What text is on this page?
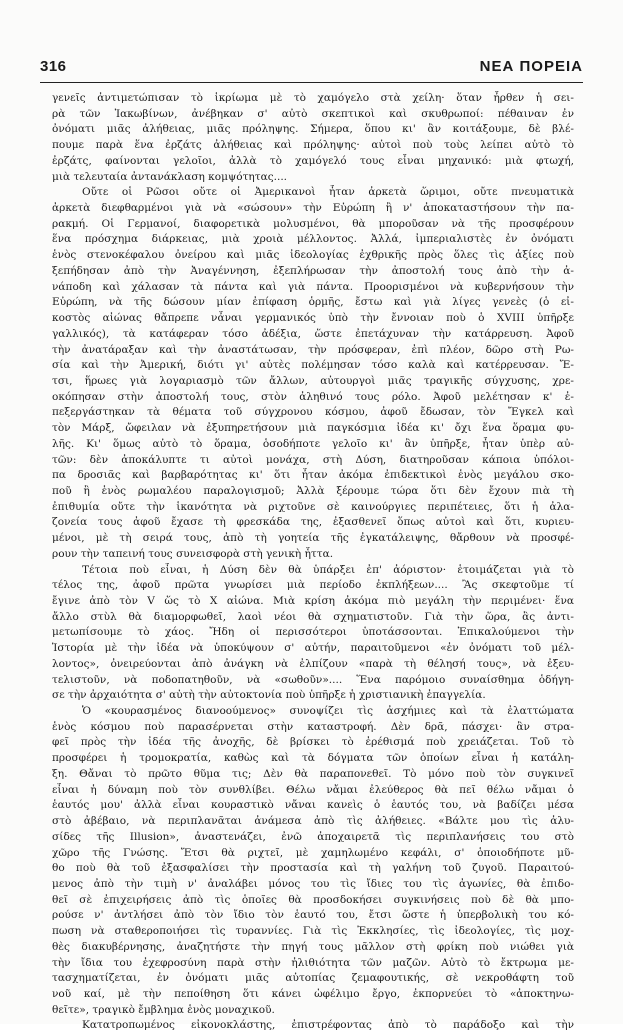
316	ΝΕΑ ΠΟΡΕΙΑ
γενεῖς ἀντιμετώπισαν τὸ ἱκρίωμα μὲ τὸ χαμόγελο στὰ χείλη· ὅταν ἦρθεν ἡ σει-
ρὰ τῶν Ἰακωβίνων, ἀνέβηκαν σ' αὐτὸ σκεπτικοὶ καὶ σκυθρωποί: πέθαιναν ἐν
ὀνόματι μιᾶς ἀλήθειας, μιᾶς πρόληψης. Σήμερα, ὅπου κι' ἂν κοιτάξουμε, δὲ βλέ-
πουμε παρὰ ἕνα ἐρζάτς ἀλήθειας καὶ πρόληψης· αὐτοὶ ποὺ τοὺς λείπει αὐτὸ τὸ
ἐρζάτς, φαίνονται γελοῖοι, ἀλλὰ τὸ χαμόγελό τους εἶναι μηχανικό: μιὰ φτωχή,
μιὰ τελευταία ἀντανάκλαση κομψότητας....
Οὔτε οἱ Ρῶσοι οὔτε οἱ Ἀμερικανοὶ ἦταν ἀρκετὰ ὥριμοι, οὔτε πνευματικὰ
ἀρκετὰ διεφθαρμένοι γιὰ νὰ «σώσουν» τὴν Εὐρώπη ἢ ν' ἀποκαταστήσουν τὴν πα-
ρακμή. Οἱ Γερμανοί, διαφορετικὰ μολυσμένοι, θὰ μποροῦσαν νὰ τῆς προσφέρουν
ἕνα πρόσχημα διάρκειας, μιὰ χροιὰ μέλλοντος. Ἀλλά, ἰμπεριαλιστὲς ἐν ὀνόματι
ἑνὸς στενοκέφαλου ὀνείρου καὶ μιᾶς ἰδεολογίας ἐχθρικῆς πρὸς ὅλες τὶς ἀξίες ποὺ
ξεπήδησαν ἀπὸ τὴν Ἀναγέννηση, ἐξεπλήρωσαν τὴν ἀποστολή τους ἀπὸ τὴν ἀ-
νάποδη καὶ χάλασαν τὰ πάντα καὶ γιὰ πάντα. Προορισμένοι νὰ κυβερνήσουν τὴν
Εὐρώπη, νὰ τῆς δώσουν μίαν ἐπίφαση ὁρμῆς, ἔστω καὶ γιὰ λίγες γενεὲς (ὁ εἰ-
κοστὸς αἰώνας θἄπρεπε νἆναι γερμανικός ὑπὸ τὴν ἔννοιαν ποὺ ὁ XVIII ὑπῆρξε
γαλλικός), τὰ κατάφεραν τόσο ἀδέξια, ὥστε ἐπετάχυναν τὴν κατάρρευση. Ἀφοῦ
τὴν ἀνατάραξαν καὶ τὴν ἀναστάτωσαν, τὴν πρόσφεραν, ἐπὶ πλέον, δῶρο στὴ Ρω-
σία καὶ τὴν Ἀμερική, διότι γι' αὐτὲς πολέμησαν τόσο καλὰ καὶ κατέρρευσαν. Ἔ-
τσι, ἥρωες γιὰ λογαριασμὸ τῶν ἄλλων, αὐτουργοὶ μιᾶς τραγικῆς σύγχυσης, χρε-
οκόπησαν στὴν ἀποστολή τους, στὸν ἀληθινό τους ρόλο. Ἀφοῦ μελέτησαν κ' ἐ-
πεξεργάστηκαν τὰ θέματα τοῦ σύγχρονου κόσμου, ἀφοῦ ἔδωσαν, τὸν Ἔγκελ καὶ
τὸν Μάρξ, ὤφειλαν νὰ ἐξυπηρετήσουν μιὰ παγκόσμια ἰδέα κι' ὄχι ἕνα ὅραμα φυ-
λῆς. Κι' ὅμως αὐτὸ τὸ ὅραμα, ὁσοδήποτε γελοῖο κι' ἂν ὑπῆρξε, ἦταν ὑπὲρ αὐ-
τῶν: δὲν ἀποκάλυπτε τι αὐτοὶ μονάχα, στὴ Δύση, διατηροῦσαν κάποια ὑπόλοι-
πα δροσιᾶς καὶ βαρβαρότητας κι' ὅτι ἦταν ἀκόμα ἐπιδεκτικοὶ ἑνὸς μεγάλου σκο-
ποῦ ἢ ἑνὸς ρωμαλέου παραλογισμοῦ; Ἀλλὰ ξέρουμε τώρα ὅτι δὲν ἔχουν πιὰ τὴ
ἐπιθυμία οὔτε τὴν ἱκανότητα νὰ ριχτοῦνε σὲ καινούργιες περιπέτειες, ὅτι ἡ ἀλα-
ζονεία τους ἀφοῦ ἔχασε τὴ φρεσκάδα της, ἐξασθενεῖ ὅπως αὐτοὶ καὶ ὅτι, κυριευ-
μένοι, μὲ τὴ σειρά τους, ἀπὸ τὴ γοητεία τῆς ἐγκατάλειψης, θἄρθουν νὰ προσφέ-
ρουν τὴν ταπεινή τους συνεισφορὰ στὴ γενικὴ ἧττα.
Τέτοια ποὺ εἶναι, ἡ Δύση δὲν θὰ ὑπάρξει ἐπ' ἀόριστον· ἑτοιμάζεται γιὰ τὸ
τέλος της, ἀφοῦ πρῶτα γνωρίσει μιὰ περίοδο ἐκπλήξεων.... Ἂς σκεφτοῦμε τί
ἔγινε ἀπὸ τὸν V ὥς τὸ X αἰώνα. Μιὰ κρίση ἀκόμα πιὸ μεγάλη τὴν περιμένει· ἕνα
ἄλλο στὺλ θὰ διαμορφωθεῖ, λαοὶ νέοι θὰ σχηματιστοῦν. Γιὰ τὴν ὥρα, ἂς ἀντι-
μετωπίσουμε τὸ χάος. Ἤδη οἱ περισσότεροι ὑποτάσσονται. Ἐπικαλούμενοι τὴν
Ἱστορία μὲ τὴν ἰδέα νὰ ὑποκύψουν σ' αὐτήν, παραιτοῦμενοι «ἐν ὀνόματι τοῦ μέλ-
λοντος», ὀνειρεύονται ἀπὸ ἀνάγκη νὰ ἐλπίζουν «παρὰ τὴ θέλησή τους», νὰ ἐξευ-
τελιστοῦν, νὰ ποδοπατηθοῦν, νὰ «σωθοῦν».... Ἕνα παρόμοιο συναίσθημα ὁδήγη-
σε τὴν ἀρχαιότητα σ' αὐτὴ τὴν αὐτοκτονία ποὺ ὑπῆρξε ἡ χριστιανικὴ ἐπαγγελία.
Ὁ «κουρασμένος διανοούμενος» συνοψίζει τὶς ἀσχήμιες καὶ τὰ ἐλαττώματα
ἑνὸς κόσμου ποὺ παρασέρνεται στὴν καταστροφή. Δὲν δρᾶ, πάσχει· ἂν στρα-
φεῖ πρὸς τὴν ἰδέα τῆς ἀνοχῆς, δὲ βρίσκει τὸ ἐρέθισμά ποὺ χρειάζεται. Τοῦ τὸ
προσφέρει ἡ τρομοκρατία, καθὼς καὶ τὰ δόγματα τῶν ὁποίων εἶναι ἡ κατάλη-
ξη. Θἄναι τὸ πρῶτο θῦμα τις; Δὲν θὰ παραπονεθεῖ. Τὸ μόνο ποὺ τὸν συγκινεῖ
εἶναι ἡ δύναμη ποὺ τὸν συνθλίβει. Θέλω νἄμαι ἐλεύθερος θὰ πεῖ θέλω νἄμαι ὁ
ἑαυτός μου' ἀλλὰ εἶναι κουραστικὸ νἄναι κανεὶς ὁ ἑαυτός του, νὰ βαδίζει μέσα
στὸ ἀβέβαιο, νὰ περιπλανᾶται ἀνάμεσα ἀπὸ τὶς ἀλήθειες. «Βάλτε μου τὶς ἁλυ-
σίδες τῆς Illusion», ἀναστενάζει, ἐνῶ ἀποχαιρετᾶ τὶς περιπλανήσεις του στὸ
χῶρο τῆς Γνώσης. Ἔτσι θὰ ριχτεῖ, μὲ χαμηλωμένο κεφάλι, σ' ὁποιοδήποτε μῦ-
θο ποὺ θὰ τοῦ ἐξασφαλίσει τὴν προστασία καὶ τὴ γαλήνη τοῦ ζυγοῦ. Παραιτού-
μενος ἀπὸ τὴν τιμὴ ν' ἀναλάβει μόνος του τὶς ἴδιες του τὶς ἀγωνίες, θὰ ἐπιδο-
θεῖ σὲ ἐπιχειρήσεις ἀπὸ τὶς ὁποῖες θὰ προσδοκήσει συγκινήσεις ποὺ δὲ θὰ μπο-
ρούσε ν' ἀντλήσει ἀπὸ τὸν ἴδιο τὸν ἑαυτό του, ἔτσι ὥστε ἡ ὑπερβολικὴ του κό-
πωση νὰ σταθεροποιήσει τὶς τυραννίες. Γιὰ τὶς Ἐκκλησίες, τὶς ἰδεολογίες, τὶς μοχ-
θὲς διακυβέρνησης, ἀναζητήστε τὴν πηγή τους μᾶλλον στὴ φρίκη ποὺ νιώθει γιὰ
τὴν ἴδια του ἐχεφροσύνη παρὰ στὴν ἠλιθιότητα τῶν μαζῶν. Αὐτὸ τὸ ἔκτρωμα με-
τασχηματίζεται, ἐν ὀνόματι μιᾶς αὐτοπίας ζεμαφουτικής, σὲ νεκροθάφτη τοῦ
νοῦ καί, μὲ τὴν πεποίθηση ὅτι κάνει ὠφέλιμο ἔργο, ἐκπορνεύει τὸ «ἀποκτηνω-
θεῖτε», τραγικὸ ἔμβλημα ἑνὸς μοναχικοῦ.
Κατατροπωμένος εἰκονοκλάστης, ἐπιστρέφοντας ἀπὸ τὸ παράδοξο καὶ τὴν
